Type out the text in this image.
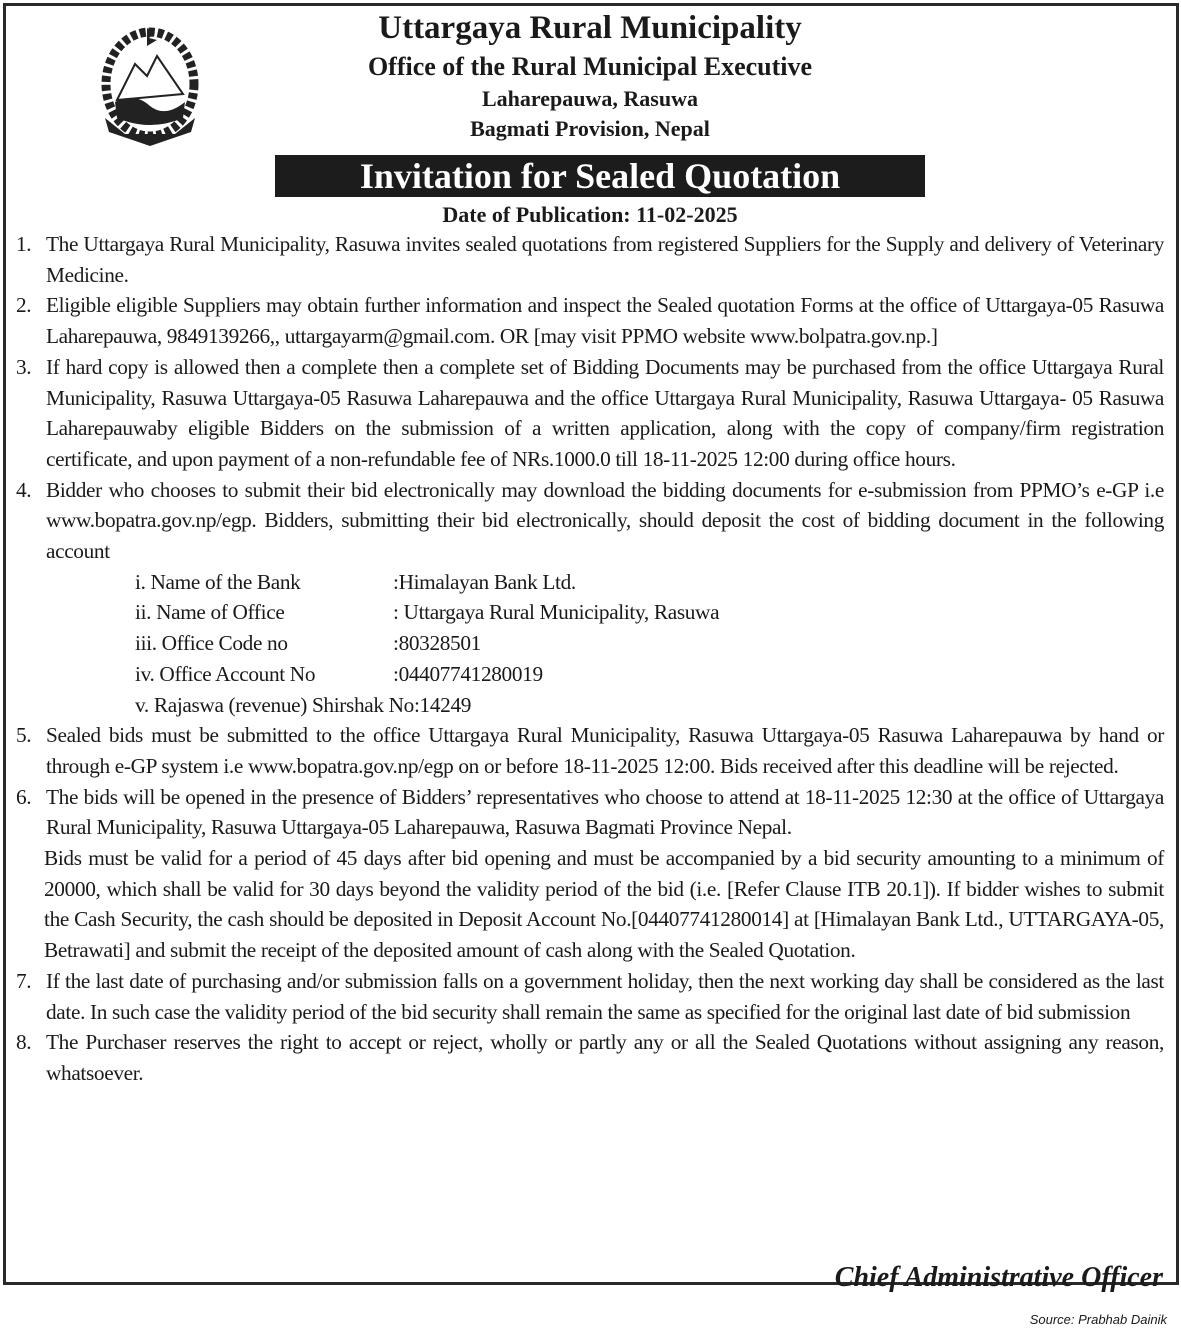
Uttargaya Rural Municipality
Office of the Rural Municipal Executive
Laharepauwa, Rasuwa
Bagmati Provision, Nepal
Invitation for Sealed Quotation
Date of Publication: 11-02-2025

1. The Uttargaya Rural Municipality, Rasuwa invites sealed quotations from registered Suppliers for the Supply and delivery of Veterinary Medicine.

2. Eligible eligible Suppliers may obtain further information and inspect the Sealed quotation Forms at the office of Uttargaya-05 Rasuwa Laharepauwa, 9849139266,, uttargayarm@gmail.com. OR [may visit PPMO website www.bolpatra.gov.np.]

3. If hard copy is allowed then a complete then a complete set of Bidding Documents may be purchased from the office Uttargaya Rural Municipality, Rasuwa Uttargaya-05 Rasuwa Laharepauwa and the office Uttargaya Rural Municipality, Rasuwa Uttargaya- 05 Rasuwa Laharepauwaby eligible Bidders on the submission of a written application, along with the copy of company/firm registration certificate, and upon payment of a non-refundable fee of NRs.1000.0 till 18-11-2025 12:00 during office hours.

4. Bidder who chooses to submit their bid electronically may download the bidding documents for e-submission from PPMO’s e-GP i.e www.bopatra.gov.np/egp. Bidders, submitting their bid electronically, should deposit the cost of bidding document in the following account

i. Name of the Bank	:Himalayan Bank Ltd.
ii. Name of Office	: Uttargaya Rural Municipality, Rasuwa
iii. Office Code no	:80328501
iv. Office Account No	:04407741280019
v. Rajaswa (revenue) Shirshak No:14249

5. Sealed bids must be submitted to the office Uttargaya Rural Municipality, Rasuwa Uttargaya-05 Rasuwa Laharepauwa by hand or through e-GP system i.e www.bopatra.gov.np/egp on or before 18-11-2025 12:00. Bids received after this deadline will be rejected.

6. The bids will be opened in the presence of Bidders’ representatives who choose to attend at 18-11-2025 12:30 at the office of Uttargaya Rural Municipality, Rasuwa Uttargaya-05 Laharepauwa, Rasuwa Bagmati Province Nepal.

Bids must be valid for a period of 45 days after bid opening and must be accompanied by a bid security amounting to a minimum of 20000, which shall be valid for 30 days beyond the validity period of the bid (i.e. [Refer Clause ITB 20.1]). If bidder wishes to submit the Cash Security, the cash should be deposited in Deposit Account No.[04407741280014] at [Himalayan Bank Ltd., UTTARGAYA-05, Betrawati] and submit the receipt of the deposited amount of cash along with the Sealed Quotation.

7. If the last date of purchasing and/or submission falls on a government holiday, then the next working day shall be considered as the last date. In such case the validity period of the bid security shall remain the same as specified for the original last date of bid submission

8. The Purchaser reserves the right to accept or reject, wholly or partly any or all the Sealed Quotations without assigning any reason, whatsoever.

Chief Administrative Officer
Source: Prabhab Dainik
